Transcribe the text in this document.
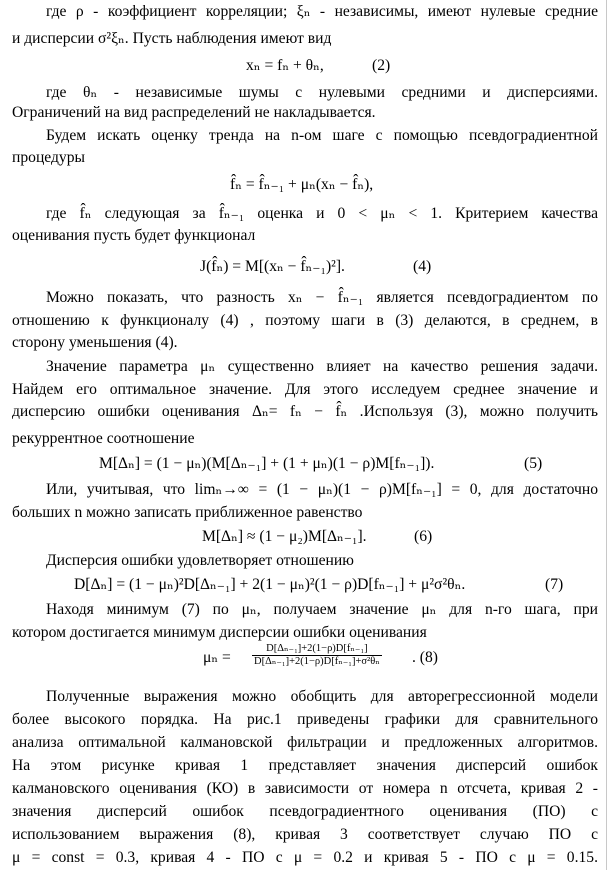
где ρ - коэффициент корреляции; ξₙ - независимы, имеют нулевые средние
и дисперсии σ²ξₙ. Пусть наблюдения имеют вид
xₙ = fₙ + θₙ,	(2)
где θₙ - независимые шумы с нулевыми средними и дисперсиями.
Ограничений на вид распределений не накладывается.
Будем искать оценку тренда на n-ом шаге с помощью псевдоградиентной
процедуры
f̂ₙ = f̂ₙ₋₁ + μₙ(xₙ − f̂ₙ),
где f̂ₙ следующая за f̂ₙ₋₁ оценка и 0 < μₙ < 1. Критерием качества
оценивания пусть будет функционал
J(f̂ₙ) = M[(xₙ − f̂ₙ₋₁)²].	(4)
Можно показать, что разность xₙ − f̂ₙ₋₁ является псевдоградиентом по
отношению к функционалу (4) , поэтому шаги в (3) делаются, в среднем, в
сторону уменьшения (4).
Значение параметра μₙ существенно влияет на качество решения задачи.
Найдем его оптимальное значение. Для этого исследуем среднее значение и
дисперсию ошибки оценивания Δₙ= fₙ − f̂ₙ .Используя (3), можно получить
рекуррентное соотношение
M[Δₙ] = (1 − μₙ)(M[Δₙ₋₁] + (1 + μₙ)(1 − ρ)M[fₙ₋₁]).	(5)
Или, учитывая, что limₙ→∞ = (1 − μₙ)(1 − ρ)M[fₙ₋₁] = 0, для достаточно
больших n можно записать приближенное равенство
M[Δₙ] ≈ (1 − μ₂)M[Δₙ₋₁].	(6)
Дисперсия ошибки удовлетворяет отношению
D[Δₙ] = (1 − μₙ)²D[Δₙ₋₁] + 2(1 − μₙ)²(1 − ρ)D[fₙ₋₁] + μ²σ²θₙ.	(7)
Находя минимум (7) по μₙ, получаем значение μₙ для n-го шага, при
котором достигается минимум дисперсии ошибки оценивания
$\mu_n = \frac{\text{D[Δₙ₋₁]+2(1−ρ)D[fₙ₋₁]}}{\text{D[Δₙ₋₁]+2(1−ρ)D[fₙ₋₁]+σ²θₙ}}$ . (8)
Полученные выражения можно обобщить для авторегрессионной модели
более высокого порядка. На рис.1 приведены графики для сравнительного
анализа оптимальной калмановской фильтрации и предложенных алгоритмов.
На этом рисунке кривая 1 представляет значения дисперсий ошибок
калмановского оценивания (КО) в зависимости от номера n отсчета, кривая 2 -
значения дисперсий ошибок псевдоградиентного оценивания (ПО) с
использованием выражения (8), кривая 3 соответствует случаю ПО с
μ = const = 0.3, кривая 4 - ПО с μ = 0.2 и кривая 5 - ПО с μ = 0.15.
